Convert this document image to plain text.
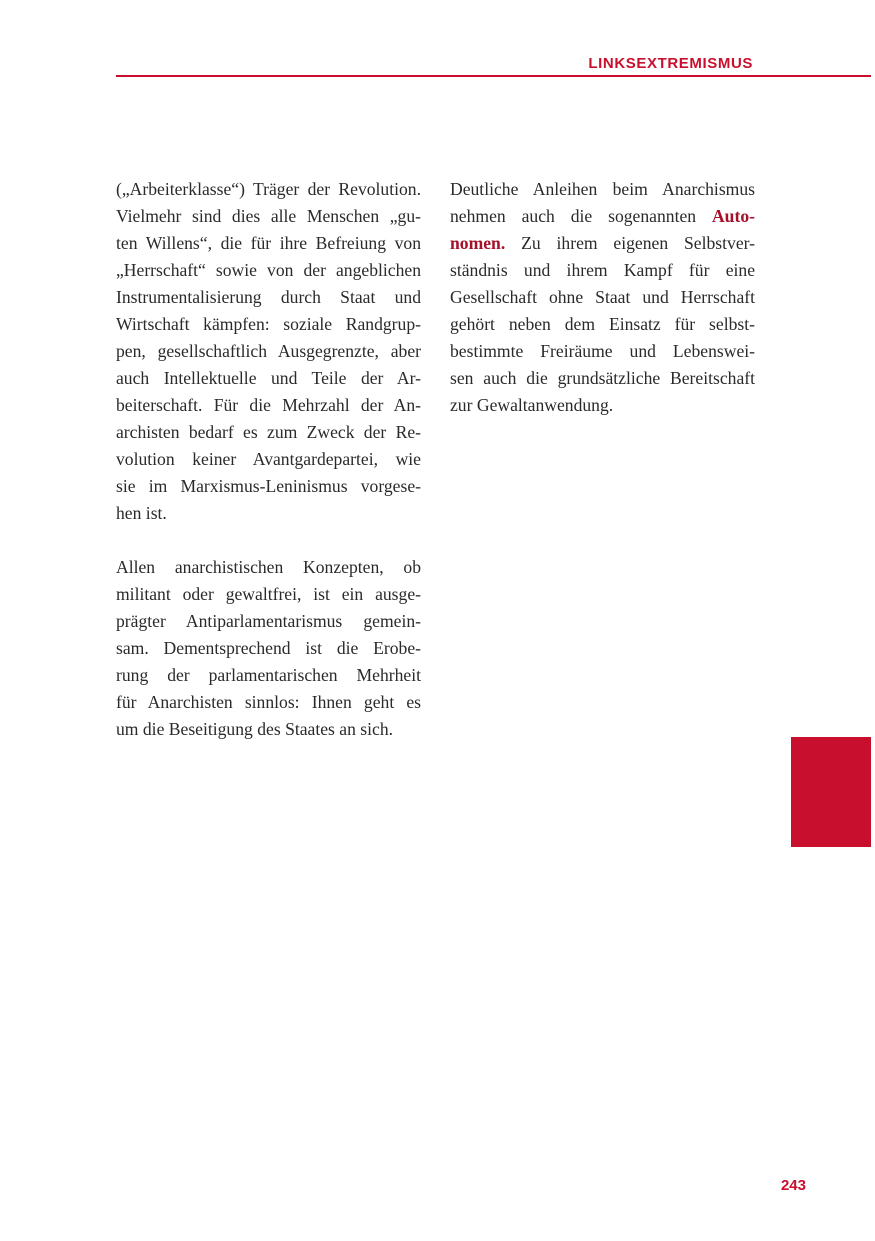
LINKSEXTREMISMUS
(„Arbeiterklasse“) Träger der Revolution.
Vielmehr sind dies alle Menschen „gu-
ten Willens“, die für ihre Befreiung von
„Herrschaft“ sowie von der angeblichen
Instrumentalisierung durch Staat und
Wirtschaft kämpfen: soziale Randgrup-
pen, gesellschaftlich Ausgegrenzte, aber
auch Intellektuelle und Teile der Ar-
beiterschaft. Für die Mehrzahl der An-
archisten bedarf es zum Zweck der Re-
volution keiner Avantgardepartei, wie
sie im Marxismus-Leninismus vorgese-
hen ist.
Allen anarchistischen Konzepten, ob
militant oder gewaltfrei, ist ein ausge-
prägter Antiparlamentarismus gemein-
sam. Dementsprechend ist die Erobe-
rung der parlamentarischen Mehrheit
für Anarchisten sinnlos: Ihnen geht es
um die Beseitigung des Staates an sich.
Deutliche Anleihen beim Anarchismus
nehmen auch die sogenannten Auto-
nomen. Zu ihrem eigenen Selbstver-
ständnis und ihrem Kampf für eine
Gesellschaft ohne Staat und Herrschaft
gehört neben dem Einsatz für selbst-
bestimmte Freiräume und Lebenswei-
sen auch die grundsätzliche Bereitschaft
zur Gewaltanwendung.
243
